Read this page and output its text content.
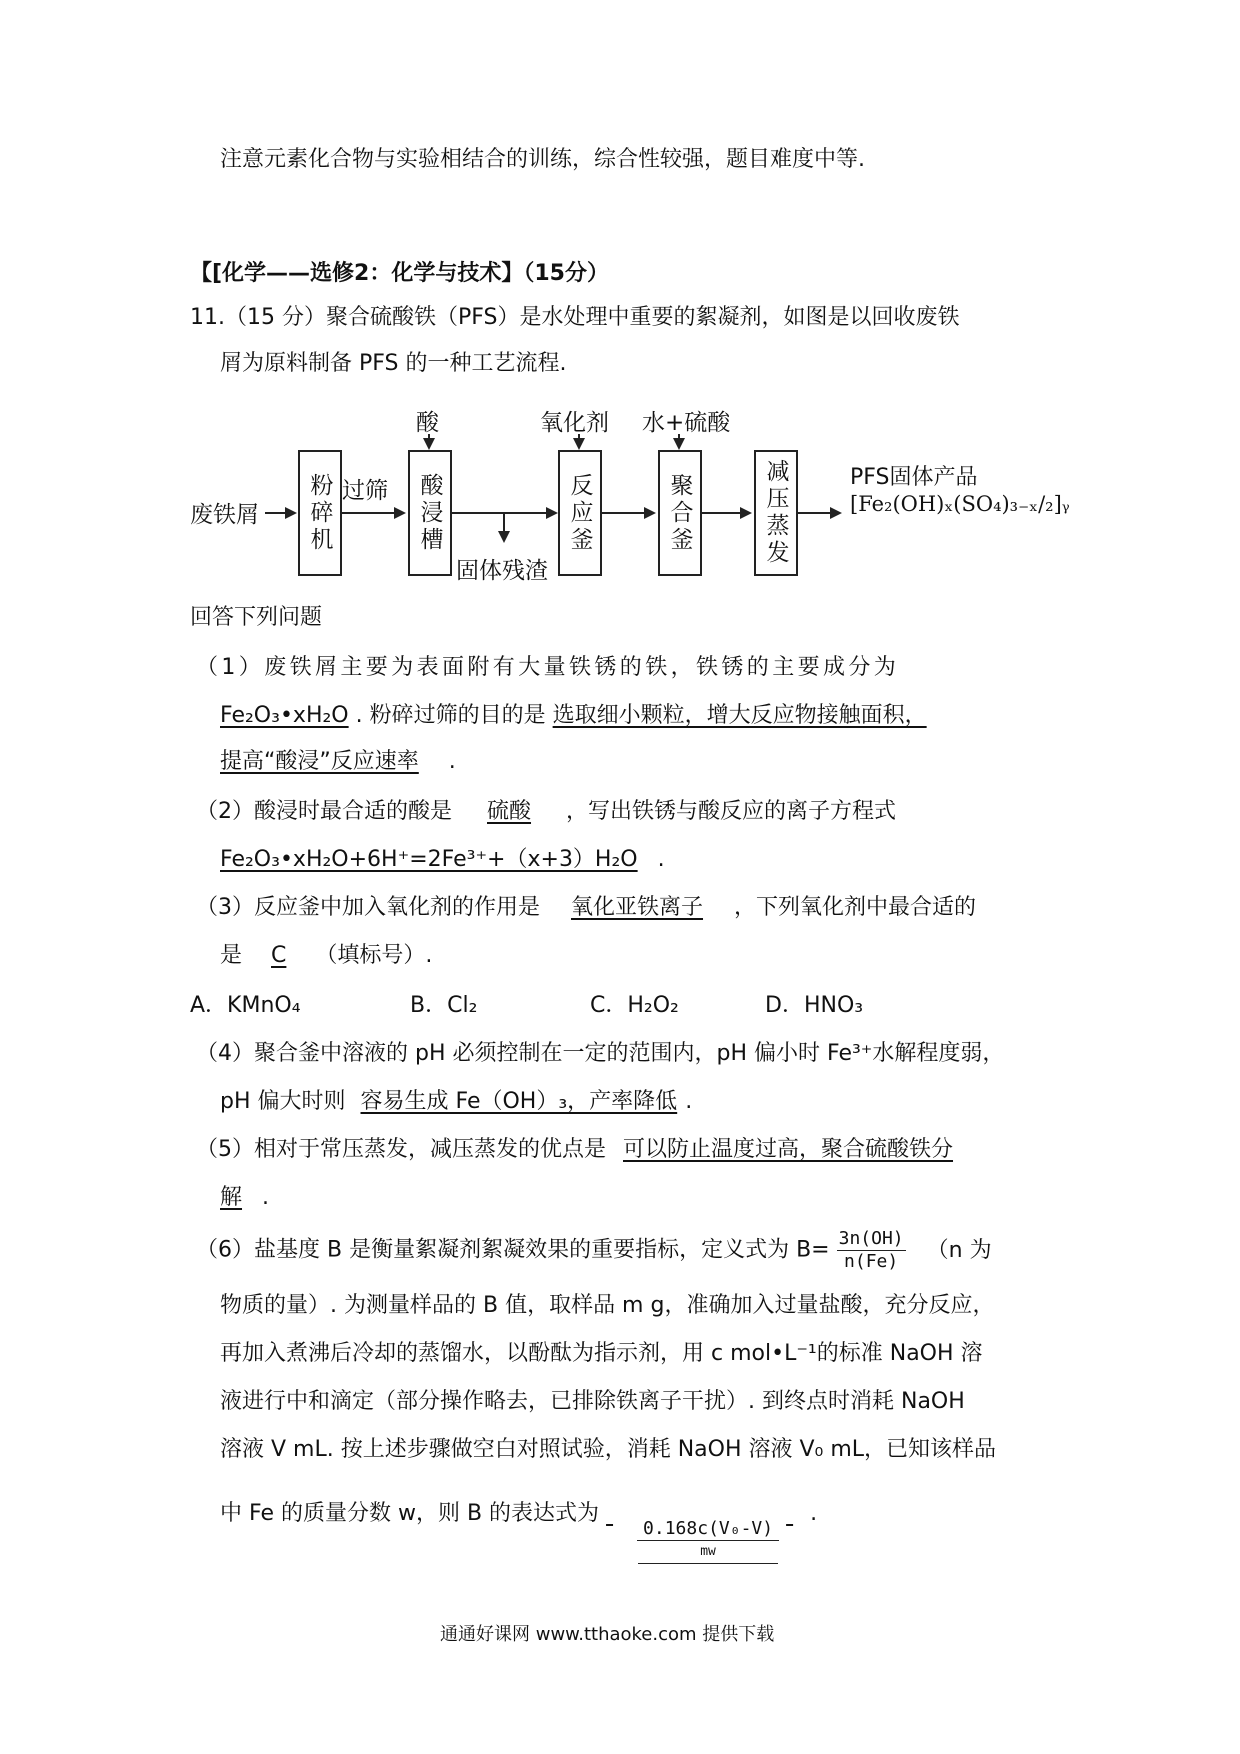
注意元素化合物与实验相结合的训练，综合性较强，题目难度中等.
【[化学——选修2：化学与技术】（15分）
11.（15 分）聚合硫酸铁（PFS）是水处理中重要的絮凝剂，如图是以回收废铁
屑为原料制备 PFS 的一种工艺流程.
废铁屑	粉碎机 过筛	酸浸槽
酸
固体残渣
反应釜
氧化剂
聚合釜
水+硫酸
减压蒸发	PFS固体产品
[Fe₂(OH)ₓ(SO₄)₃₋ₓ/₂]ᵧ
回答下列问题
（1）废铁屑主要为表面附有大量铁锈的铁，铁锈的主要成分为
Fe₂O₃•xH₂O . 粉碎过筛的目的是 选取细小颗粒，增大反应物接触面积，
提高“酸浸”反应速率 .
（2）酸浸时最合适的酸是 硫酸 ，写出铁锈与酸反应的离子方程式
Fe₂O₃•xH₂O+6H⁺=2Fe³⁺+（x+3）H₂O .
（3）反应釜中加入氧化剂的作用是 氧化亚铁离子 ，下列氧化剂中最合适的
是 C （填标号）.
A．KMnO₄	B．Cl₂	C．H₂O₂	D．HNO₃
（4）聚合釜中溶液的 pH 必须控制在一定的范围内，pH 偏小时 Fe³⁺水解程度弱，
pH 偏大时则 容易生成 Fe（OH）₃，产率降低 .
（5）相对于常压蒸发，减压蒸发的优点是 可以防止温度过高，聚合硫酸铁分
解 .
（6）盐基度 B 是衡量絮凝剂絮凝效果的重要指标，定义式为 $B= \frac{3n(OH)}{n(Fe)} (n$ 为
物质的量）. 为测量样品的 B 值，取样品 m g，准确加入过量盐酸，充分反应，
再加入煮沸后冷却的蒸馏水，以酚酞为指示剂，用 c mol•L⁻¹的标准 NaOH 溶
液进行中和滴定（部分操作略去，已排除铁离子干扰）. 到终点时消耗 NaOH
溶液 V mL. 按上述步骤做空白对照试验，消耗 NaOH 溶液 V₀ mL，已知该样品
中 Fe 的质量分数 w，则 B 的表达式为
$\frac{\text{0.168c(V₀-V)}}{mw}$
.
通通好课网 www.tthaoke.com 提供下载
